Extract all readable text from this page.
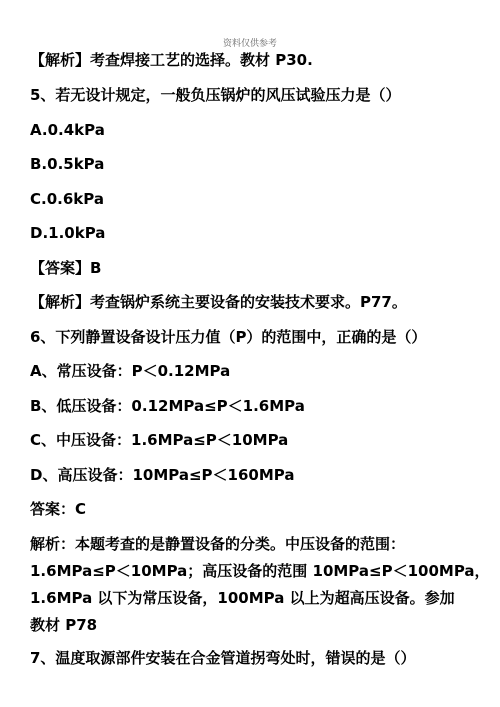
资料仅供参考
【解析】考查焊接工艺的选择。教材 P30.
5、若无设计规定，一般负压锅炉的风压试验压力是（）
A.0.4kPa
B.0.5kPa
C.0.6kPa
D.1.0kPa
【答案】B
【解析】考查锅炉系统主要设备的安装技术要求。P77。
6、下列静置设备设计压力值（P）的范围中，正确的是（）
A、常压设备：P＜0.12MPa
B、低压设备：0.12MPa≤P＜1.6MPa
C、中压设备：1.6MPa≤P＜10MPa
D、高压设备：10MPa≤P＜160MPa
答案：C
解析：本题考查的是静置设备的分类。中压设备的范围：
1.6MPa≤P＜10MPa；高压设备的范围 10MPa≤P＜100MPa，
1.6MPa 以下为常压设备，100MPa 以上为超高压设备。参加
教材 P78
7、温度取源部件安装在合金管道拐弯处时，错误的是（）
